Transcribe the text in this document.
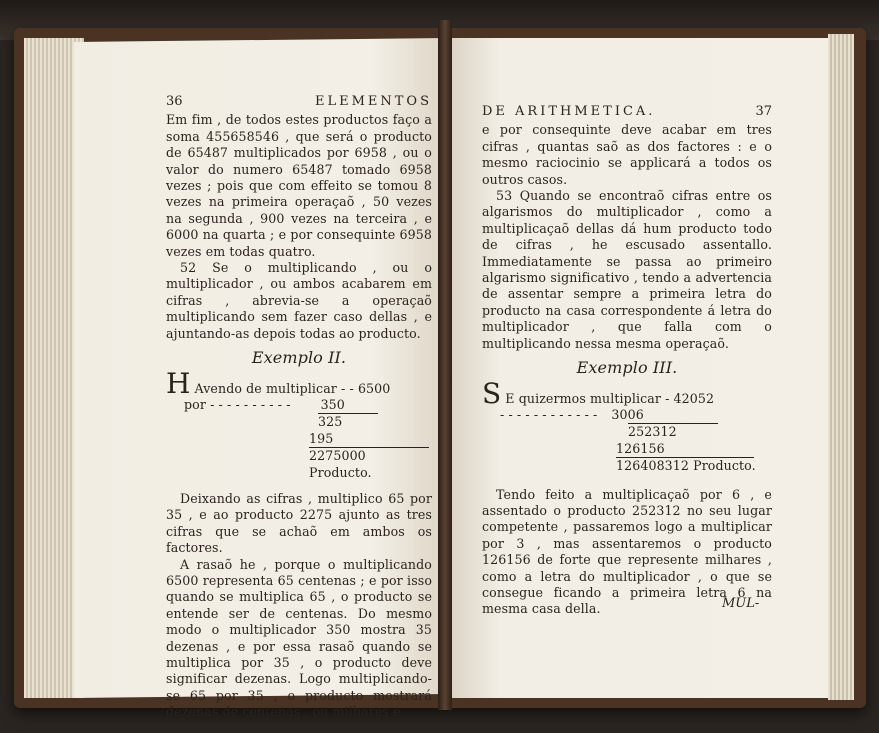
36	ELEMENTOS

Em fim , de todos estes productos faço a soma 455658546 , que será o producto de 65487 multiplicados por 6958 , ou o valor do numero 65487 tomado 6958 vezes ; pois que com effeito se tomou 8 vezes na primeira operaçaõ , 50 vezes na segunda , 900 vezes na terceira , e 6000 na quarta ; e por consequinte 6958 vezes em todas quatro.

52 Se o multiplicando , ou o multiplicador , ou ambos acabarem em cifras , abrevia-se a operaçaõ multiplicando sem fazer caso dellas , e ajuntando-as depois todas ao producto.

Exemplo II.
H Avendo de multiplicar - - 6500
por - - - - - - - - - - 350
325
195
2275000 Producto.

Deixando as cifras , multiplico 65 por 35 , e ao producto 2275 ajunto as tres cifras que se achaõ em ambos os factores.

A rasaõ he , porque o multiplicando 6500 representa 65 centenas ; e por isso quando se multiplica 65 , o producto se entende ser de centenas. Do mesmo modo o multiplicador 350 mostra 35 dezenas , e por essa rasaõ quando se multiplica por 35 , o producto deve significar dezenas. Logo multiplicando-se 65 por 35 , o producto mostrará dezenas de centenas , ou milhares e

DE ARITHMETICA.	37

e por consequinte deve acabar em tres cifras , quantas saõ as dos factores : e o mesmo raciocinio se applicará a todos os outros casos.

53 Quando se encontraõ cifras entre os algarismos do multiplicador , como a multiplicaçaõ dellas dá hum producto todo de cifras , he escusado assentallo. Immediatamente se passa ao primeiro algarismo significativo , tendo a advertencia de assentar sempre a primeira letra do producto na casa correspondente á letra do multiplicador , que falla com o multiplicando nessa mesma operaçaõ.

Exemplo III.
S E quizermos multiplicar - 42052
- - - - - - - - - - - - 3006
252312
126156
126408312 Producto.

Tendo feito a multiplicaçaõ por 6 , e assentado o producto 252312 no seu lugar competente , passaremos logo a multiplicar por 3 , mas assentaremos o producto 126156 de forte que represente milhares , como a letra do multiplicador , o que se consegue ficando a primeira letra 6 na mesma casa della.	MUL-
